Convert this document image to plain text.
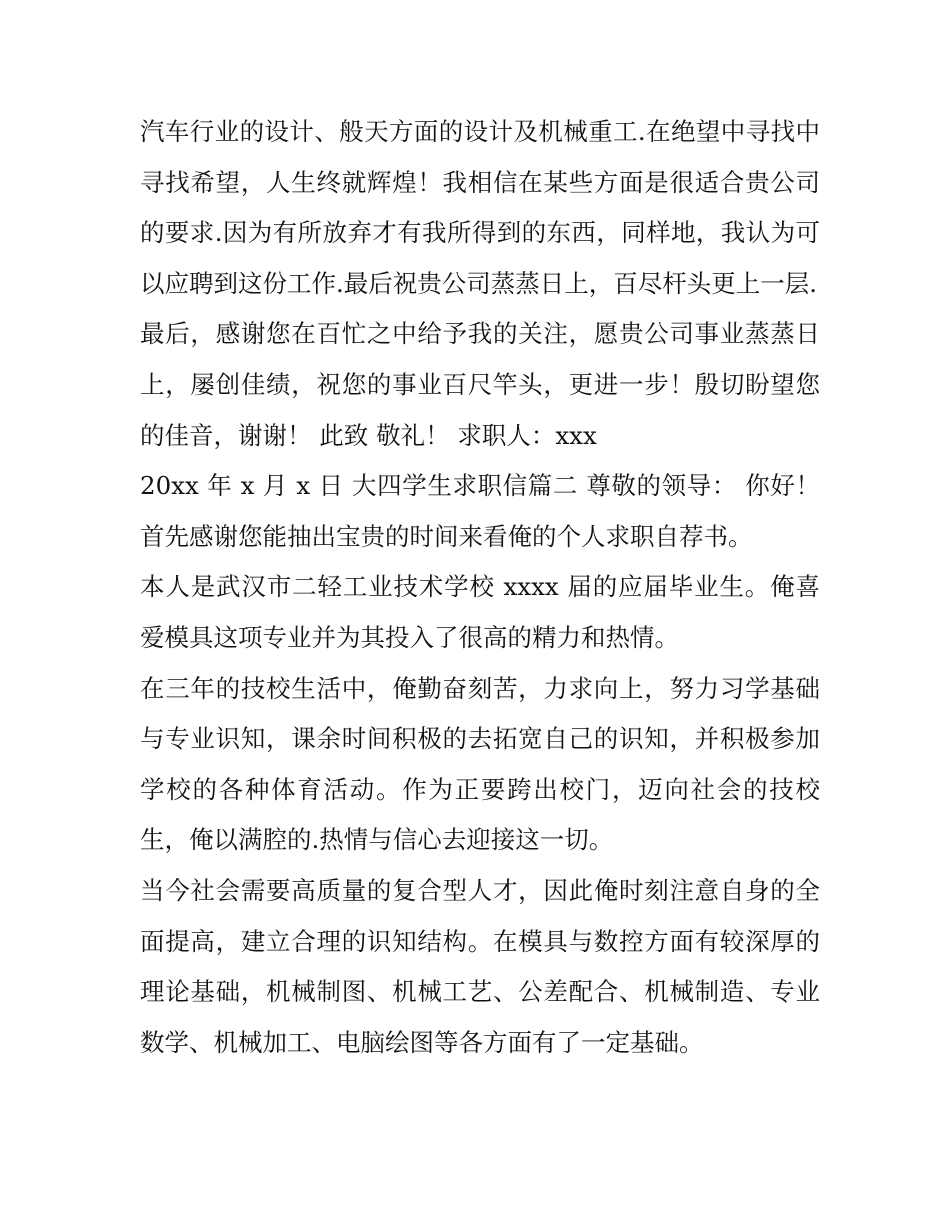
汽车行业的设计、般天方面的设计及机械重工.在绝望中寻找中寻找希望，人生终就辉煌！我相信在某些方面是很适合贵公司的要求.因为有所放弃才有我所得到的东西，同样地，我认为可以应聘到这份工作.最后祝贵公司蒸蒸日上，百尽杆头更上一层.

最后，感谢您在百忙之中给予我的关注，愿贵公司事业蒸蒸日上，屡创佳绩，祝您的事业百尺竿头，更进一步！殷切盼望您的佳音，谢谢！ 此致 敬礼！ 求职人：xxx

20xx 年 x 月 x 日 大四学生求职信篇二 尊敬的领导： 你好！首先感谢您能抽出宝贵的时间来看俺的个人求职自荐书。

本人是武汉市二轻工业技术学校 xxxx 届的应届毕业生。俺喜爱模具这项专业并为其投入了很高的精力和热情。

在三年的技校生活中，俺勤奋刻苦，力求向上，努力习学基础与专业识知，课余时间积极的去拓宽自己的识知，并积极参加学校的各种体育活动。作为正要跨出校门，迈向社会的技校生，俺以满腔的.热情与信心去迎接这一切。

当今社会需要高质量的复合型人才，因此俺时刻注意自身的全面提高，建立合理的识知结构。在模具与数控方面有较深厚的理论基础，机械制图、机械工艺、公差配合、机械制造、专业数学、机械加工、电脑绘图等各方面有了一定基础。
